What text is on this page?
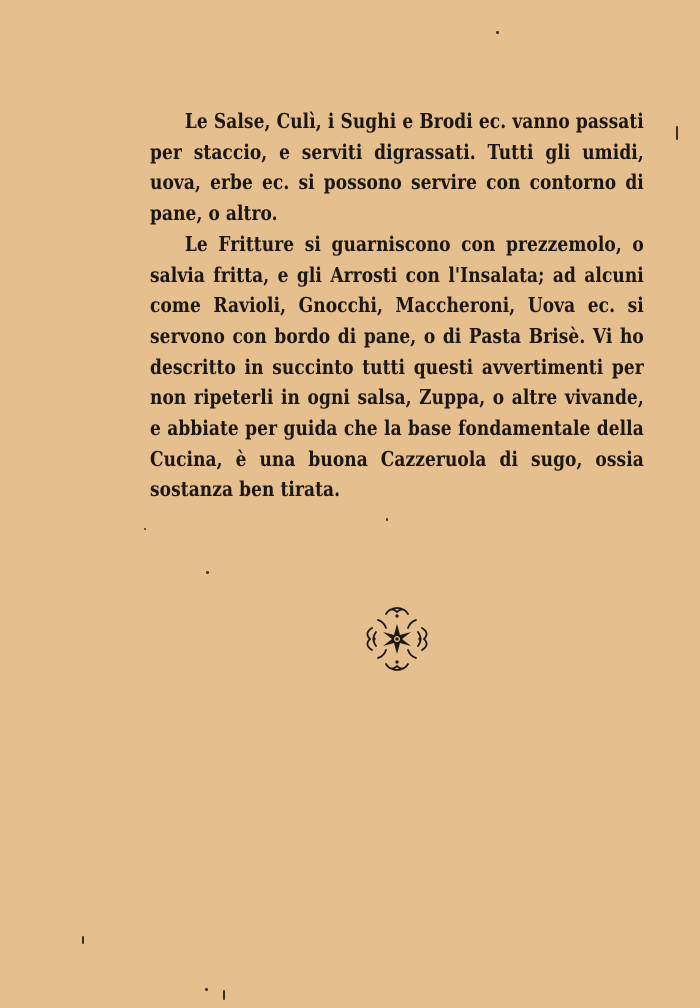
Le Salse, Culì, i Sughi e Brodi ec. vanno passati per staccio, e serviti digrassati. Tutti gli umidi, uova, erbe ec. si possono servire con contorno di pane, o altro.

Le Fritture si guarniscono con prezzemolo, o salvia fritta, e gli Arrosti con l'Insalata; ad alcuni come Ravioli, Gnocchi, Maccheroni, Uova ec. si servono con bordo di pane, o di Pasta Brisè. Vi ho descritto in succinto tutti questi avvertimenti per non ripeterli in ogni salsa, Zuppa, o altre vivande, e abbiate per guida che la base fondamentale della Cucina, è una buona Cazzeruola di sugo, ossia sostanza ben tirata.
